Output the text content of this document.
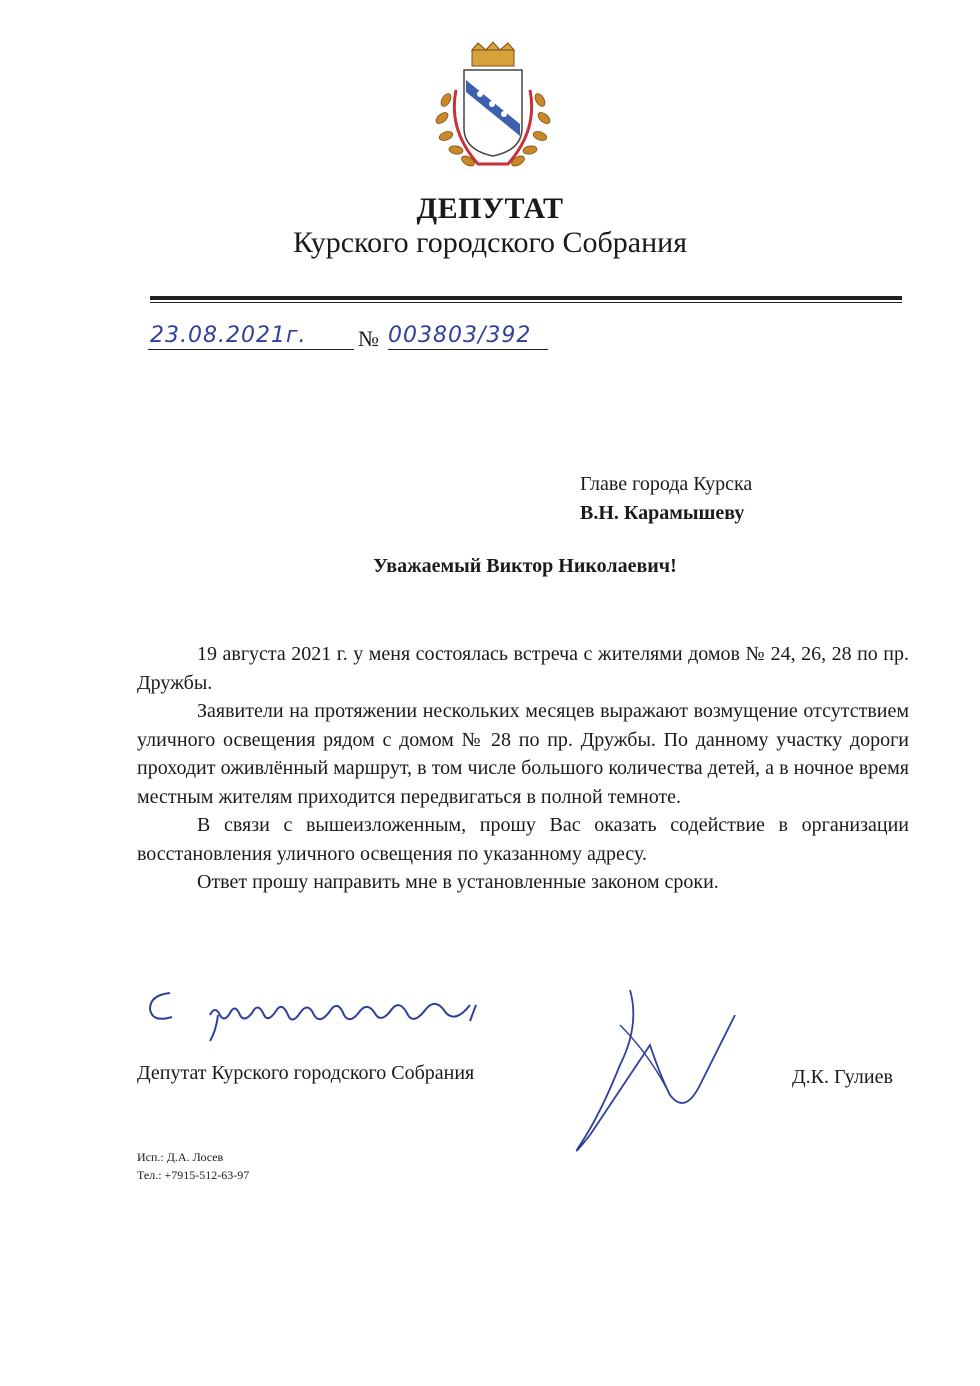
ДЕПУТАТ
Курского городского Собрания
23.08.2021г.	№ 003803/392
Главе города Курска
В.Н. Карамышеву
Уважаемый Виктор Николаевич!

19 августа 2021 г. у меня состоялась встреча с жителями домов № 24, 26, 28 по пр. Дружбы.

Заявители на протяжении нескольких месяцев выражают возмущение отсутствием уличного освещения рядом с домом № 28 по пр. Дружбы. По данному участку дороги проходит оживлённый маршрут, в том числе большого количества детей, а в ночное время местным жителям приходится передвигаться в полной темноте.

В связи с вышеизложенным, прошу Вас оказать содействие в организации восстановления уличного освещения по указанному адресу.

Ответ прошу направить мне в установленные законом сроки.

Депутат Курского городского Собрания	Д.К. Гулиев
Исп.: Д.А. Лосев
Тел.: +7915-512-63-97
